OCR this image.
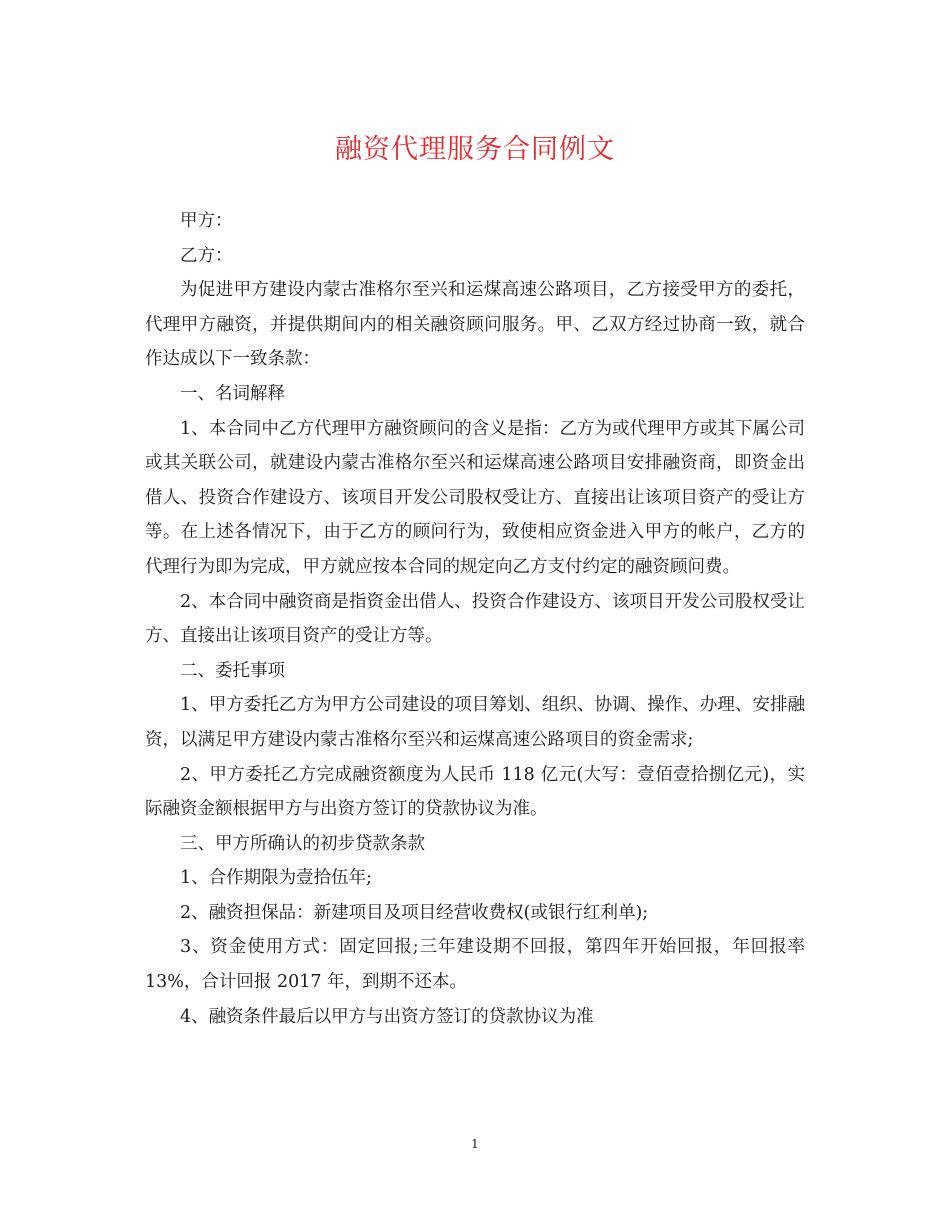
融资代理服务合同例文

甲方：

乙方：

为促进甲方建设内蒙古准格尔至兴和运煤高速公路项目，乙方接受甲方的委托，代理甲方融资，并提供期间内的相关融资顾问服务。甲、乙双方经过协商一致，就合作达成以下一致条款：

一、名词解释

1、本合同中乙方代理甲方融资顾问的含义是指：乙方为或代理甲方或其下属公司或其关联公司，就建设内蒙古准格尔至兴和运煤高速公路项目安排融资商，即资金出借人、投资合作建设方、该项目开发公司股权受让方、直接出让该项目资产的受让方等。在上述各情况下，由于乙方的顾问行为，致使相应资金进入甲方的帐户，乙方的代理行为即为完成，甲方就应按本合同的规定向乙方支付约定的融资顾问费。

2、本合同中融资商是指资金出借人、投资合作建设方、该项目开发公司股权受让方、直接出让该项目资产的受让方等。

二、委托事项

1、甲方委托乙方为甲方公司建设的项目筹划、组织、协调、操作、办理、安排融资，以满足甲方建设内蒙古准格尔至兴和运煤高速公路项目的资金需求;

2、甲方委托乙方完成融资额度为人民币 118 亿元(大写：壹佰壹拾捌亿元)，实际融资金额根据甲方与出资方签订的贷款协议为准。

三、甲方所确认的初步贷款条款

1、合作期限为壹拾伍年;

2、融资担保品：新建项目及项目经营收费权(或银行红利单);

3、资金使用方式：固定回报;三年建设期不回报，第四年开始回报，年回报率 13%，合计回报 2017 年，到期不还本。

4、融资条件最后以甲方与出资方签订的贷款协议为准

1
